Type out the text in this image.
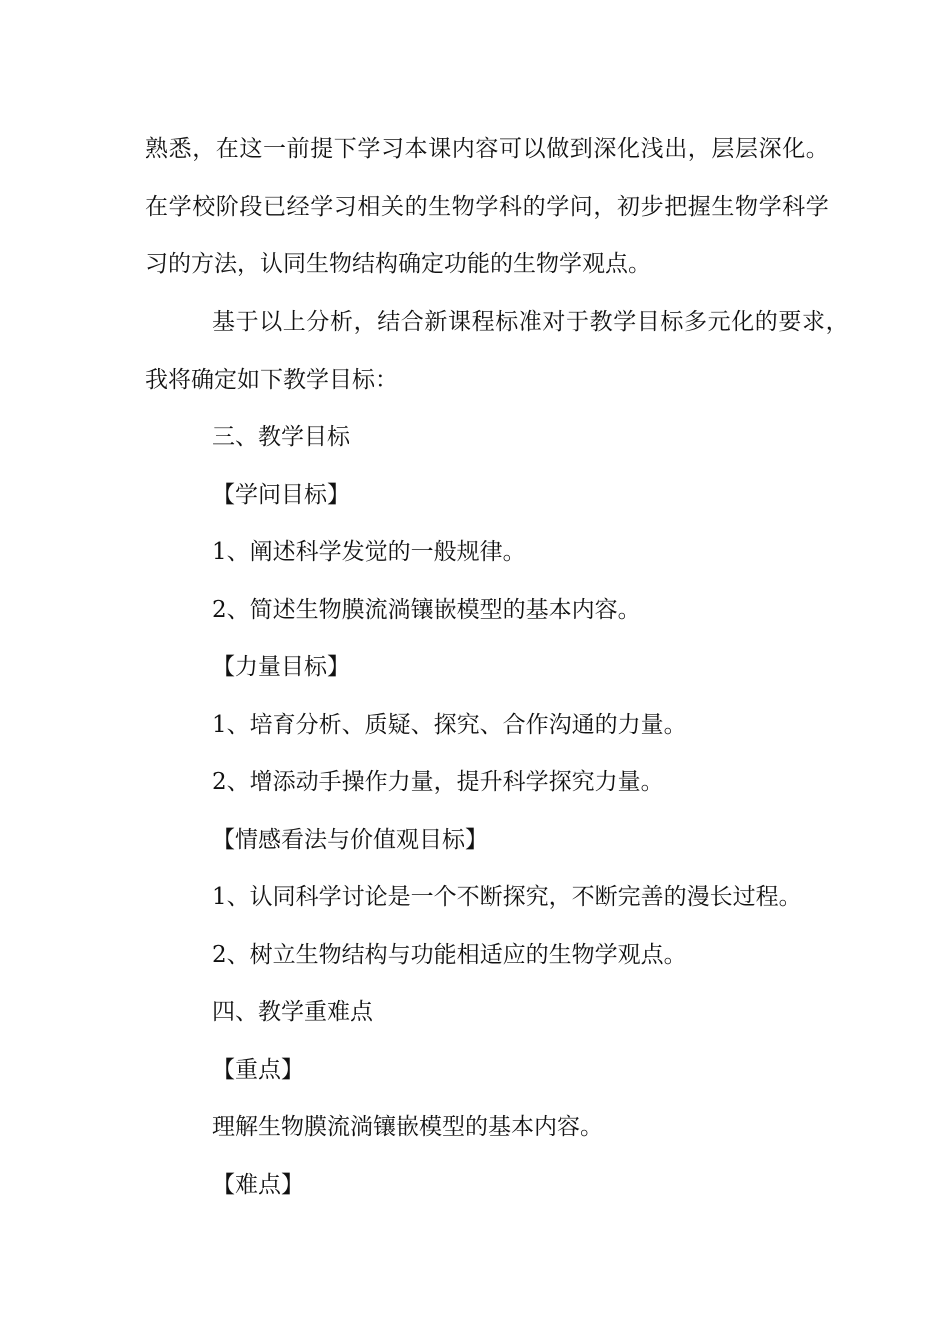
熟悉，在这一前提下学习本课内容可以做到深化浅出，层层深化。

在学校阶段已经学习相关的生物学科的学问，初步把握生物学科学

习的方法，认同生物结构确定功能的生物学观点。

基于以上分析，结合新课程标准对于教学目标多元化的要求，

我将确定如下教学目标：

三、教学目标

【学问目标】

1、阐述科学发觉的一般规律。

2、简述生物膜流淌镶嵌模型的基本内容。

【力量目标】

1、培育分析、质疑、探究、合作沟通的力量。

2、增添动手操作力量，提升科学探究力量。

【情感看法与价值观目标】

1、认同科学讨论是一个不断探究，不断完善的漫长过程。

2、树立生物结构与功能相适应的生物学观点。

四、教学重难点

【重点】

理解生物膜流淌镶嵌模型的基本内容。

【难点】
